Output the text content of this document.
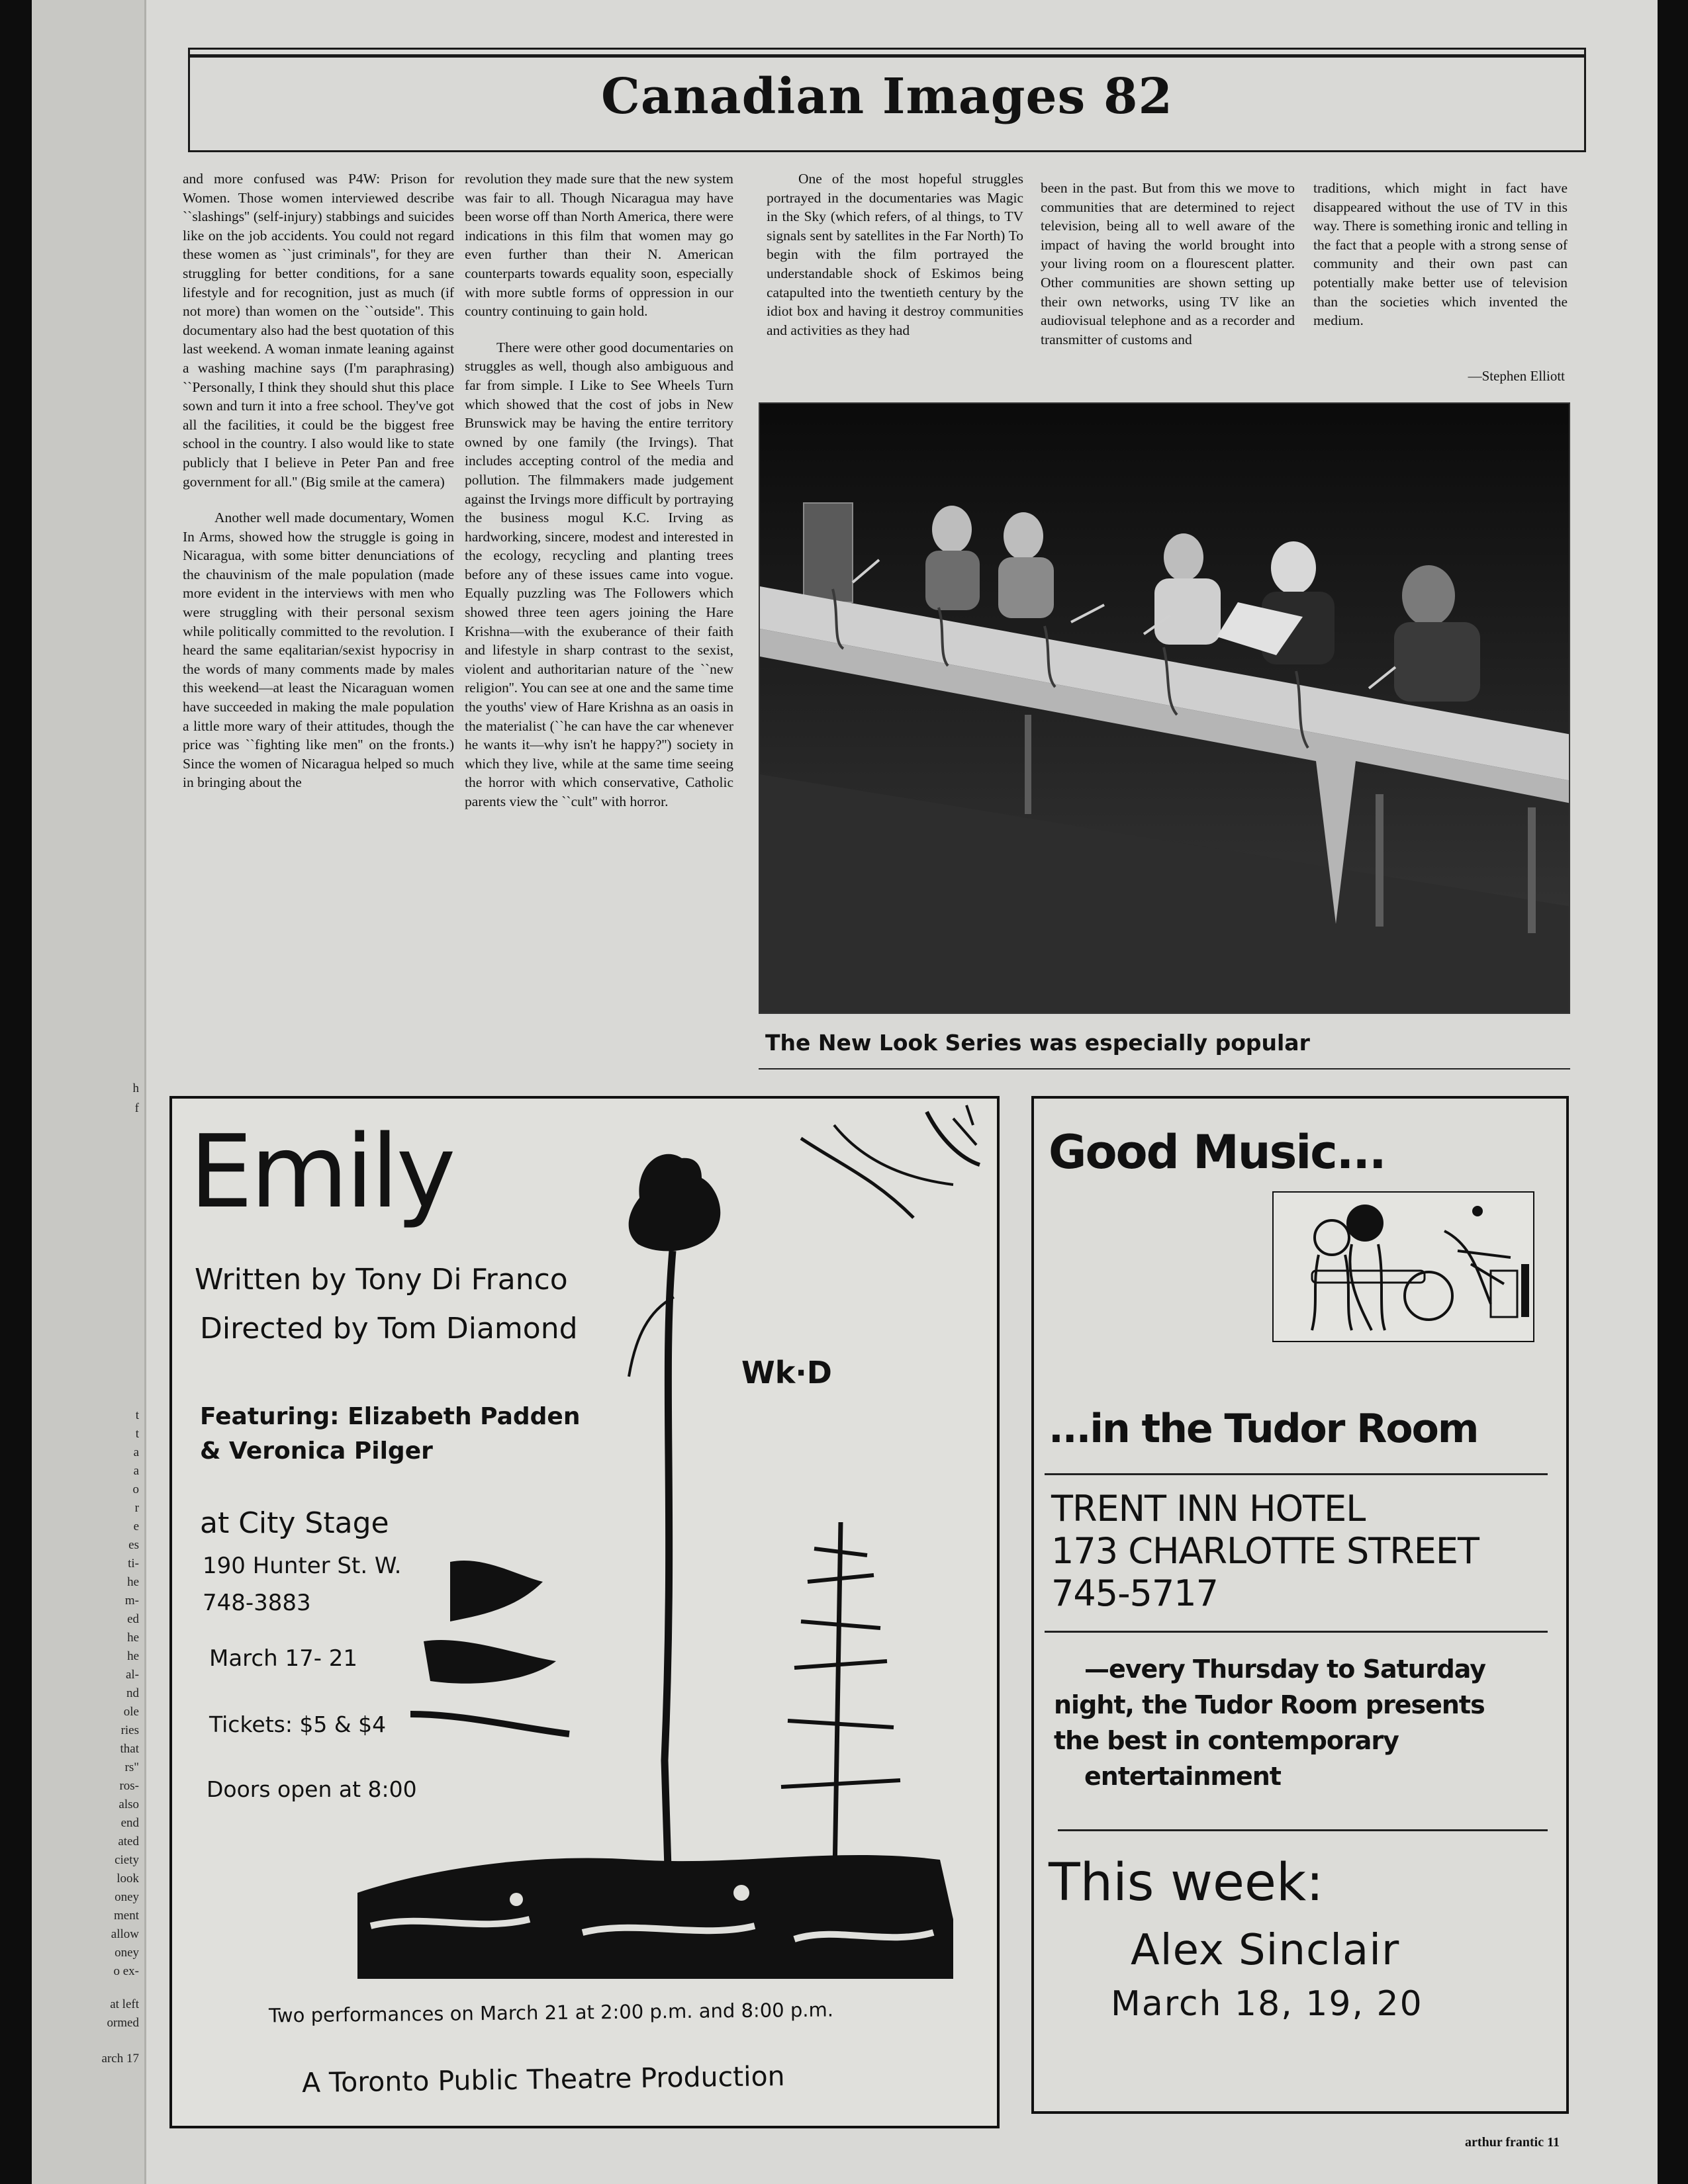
h
f
t
t
a
a
o
r
e
es
ti-
he
m-
ed
he
he
al-
nd
ole
ries
that
rs"
ros-
also
end
ated
ciety
look
oney
ment
allow
oney
o ex-
at left
ormed
arch 17
Canadian Images 82

and more confused was P4W: Prison for Women. Those women interviewed describe ``slashings'' (self-injury) stabbings and suicides like on the job accidents. You could not regard these women as ``just criminals'', for they are struggling for better conditions, for a sane lifestyle and for recognition, just as much (if not more) than women on the ``outside''. This documentary also had the best quotation of this last weekend. A woman inmate leaning against a washing machine says (I'm paraphrasing) ``Personally, I think they should shut this place sown and turn it into a free school. They've got all the facilities, it could be the biggest free school in the country. I also would like to state publicly that I believe in Peter Pan and free government for all.'' (Big smile at the camera)

Another well made documentary, Women In Arms, showed how the struggle is going in Nicaragua, with some bitter denunciations of the chauvinism of the male population (made more evident in the interviews with men who were struggling with their personal sexism while politically committed to the revolution. I heard the same eqalitarian/sexist hypocrisy in the words of many comments made by males this weekend—at least the Nicaraguan women have succeeded in making the male population a little more wary of their attitudes, though the price was ``fighting like men'' on the fronts.) Since the women of Nicaragua helped so much in bringing about the

revolution they made sure that the new system was fair to all. Though Nicaragua may have been worse off than North America, there were indications in this film that women may go even further than their N. American counterparts towards equality soon, especially with more subtle forms of oppression in our country continuing to gain hold.

There were other good documentaries on struggles as well, though also ambiguous and far from simple. I Like to See Wheels Turn which showed that the cost of jobs in New Brunswick may be having the entire territory owned by one family (the Irvings). That includes accepting control of the media and pollution. The filmmakers made judgement against the Irvings more difficult by portraying the business mogul K.C. Irving as hardworking, sincere, modest and interested in the ecology, recycling and planting trees before any of these issues came into vogue. Equally puzzling was The Followers which showed three teen agers joining the Hare Krishna—with the exuberance of their faith and lifestyle in sharp contrast to the sexist, violent and authoritarian nature of the ``new religion''. You can see at one and the same time the youths' view of Hare Krishna as an oasis in the materialist (``he can have the car whenever he wants it—why isn't he happy?'') society in which they live, while at the same time seeing the horror with which conservative, Catholic parents view the ``cult'' with horror.

One of the most hopeful struggles portrayed in the documentaries was Magic in the Sky (which refers, of al things, to TV signals sent by satellites in the Far North) To begin with the film portrayed the understandable shock of Eskimos being catapulted into the twentieth century by the idiot box and having it destroy communities and activities as they had

been in the past. But from this we move to communities that are determined to reject television, being all to well aware of the impact of having the world brought into your living room on a flourescent platter. Other communities are shown setting up their own networks, using TV like an audiovisual telephone and as a recorder and transmitter of customs and

traditions, which might in fact have disappeared without the use of TV in this way. There is something ironic and telling in the fact that a people with a strong sense of community and their own past can potentially make better use of television than the societies which invented the medium.

—Stephen Elliott
The New Look Series was especially popular
Emily
Written by Tony Di Franco
Directed by Tom Diamond
Featuring: Elizabeth Padden
& Veronica Pilger
at City Stage
190 Hunter St. W.
748-3883
March 17- 21
Tickets: $5 & $4
Doors open at 8:00
Two performances on March 21 at 2:00 p.m. and 8:00 p.m.
A Toronto Public Theatre Production
Wk·D
Good Music...
...in the Tudor Room
TRENT INN HOTEL
173 CHARLOTTE STREET
745-5717
—every Thursday to Saturday
night, the Tudor Room presents
the best in contemporary
entertainment
This week:
Alex Sinclair
March 18, 19, 20
arthur frantic 11
